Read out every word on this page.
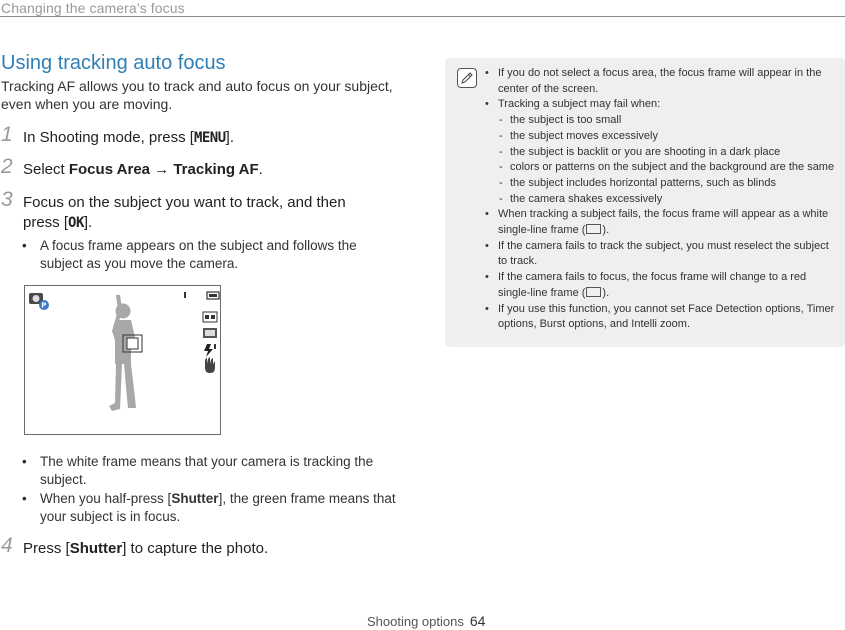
Changing the camera’s focus
Using tracking auto focus
Tracking AF allows you to track and auto focus on your subject, even when you are moving.
1 In Shooting mode, press [MENU].
2 Select Focus Area → Tracking AF.
3 Focus on the subject you want to track, and then
press [OK].
• A focus frame appears on the subject and follows the subject as you move the camera.
P
• The white frame means that your camera is tracking the subject.
• When you half-press [Shutter], the green frame means that your subject is in focus.
4 Press [Shutter] to capture the photo.
• If you do not select a focus area, the focus frame will appear in the center of the screen.
• Tracking a subject may fail when:
- the subject is too small
- the subject moves excessively
- the subject is backlit or you are shooting in a dark place
- colors or patterns on the subject and the background are the same
- the subject includes horizontal patterns, such as blinds
- the camera shakes excessively
• When tracking a subject fails, the focus frame will appear as a white single-line frame ( ).
• If the camera fails to track the subject, you must reselect the subject to track.
• If the camera fails to focus, the focus frame will change to a red single-line frame ( ).
• If you use this function, you cannot set Face Detection options, Timer options, Burst options, and Intelli zoom.
Shooting options 64
